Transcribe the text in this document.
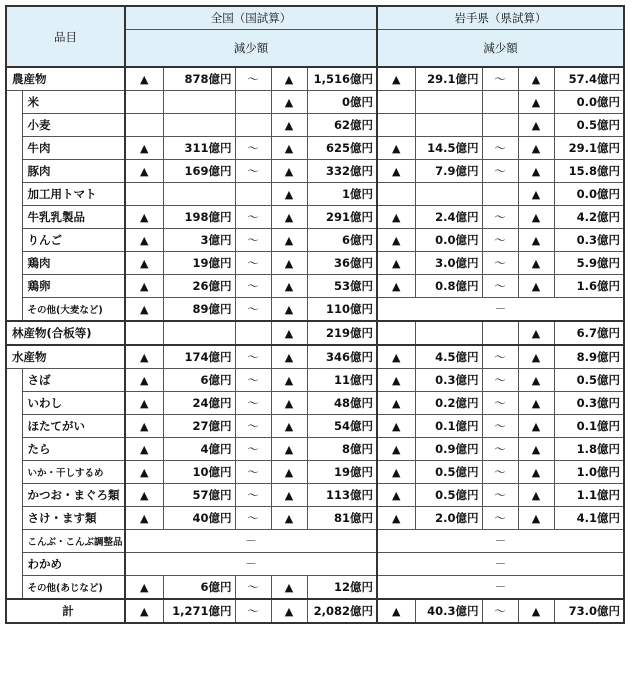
品目		全国（国試算）					岩手県（県試算）				
		減少額					減少額				
農産物		▲	878億円	～	▲	1,516億円	▲	29.1億円	～	▲	57.4億円
	米				▲	0億円				▲	0.0億円
	小麦				▲	62億円				▲	0.5億円
	牛肉	▲	311億円	～	▲	625億円	▲	14.5億円	～	▲	29.1億円
	豚肉	▲	169億円	～	▲	332億円	▲	7.9億円	～	▲	15.8億円
	加工用トマト				▲	1億円				▲	0.0億円
	牛乳乳製品	▲	198億円	～	▲	291億円	▲	2.4億円	～	▲	4.2億円
	りんご	▲	3億円	～	▲	6億円	▲	0.0億円	～	▲	0.3億円
	鶏肉	▲	19億円	～	▲	36億円	▲	3.0億円	～	▲	5.9億円
	鶏卵	▲	26億円	～	▲	53億円	▲	0.8億円	～	▲	1.6億円
	その他(大麦など)	▲	89億円	～	▲	110億円	－				
林産物(合板等)					▲	219億円				▲	6.7億円
水産物		▲	174億円	～	▲	346億円	▲	4.5億円	～	▲	8.9億円
	さば	▲	6億円	～	▲	11億円	▲	0.3億円	～	▲	0.5億円
	いわし	▲	24億円	～	▲	48億円	▲	0.2億円	～	▲	0.3億円
	ほたてがい	▲	27億円	～	▲	54億円	▲	0.1億円	～	▲	0.1億円
	たら	▲	4億円	～	▲	8億円	▲	0.9億円	～	▲	1.8億円
	いか・干しするめ	▲	10億円	～	▲	19億円	▲	0.5億円	～	▲	1.0億円
	かつお・まぐろ類	▲	57億円	～	▲	113億円	▲	0.5億円	～	▲	1.1億円
	さけ・ます類	▲	40億円	～	▲	81億円	▲	2.0億円	～	▲	4.1億円
	こんぶ・こんぶ調整品	－					－				
	わかめ	－					－				
	その他(あじなど)	▲	6億円	～	▲	12億円	－				
計		▲	1,271億円	～	▲	2,082億円	▲	40.3億円	～	▲	73.0億円
